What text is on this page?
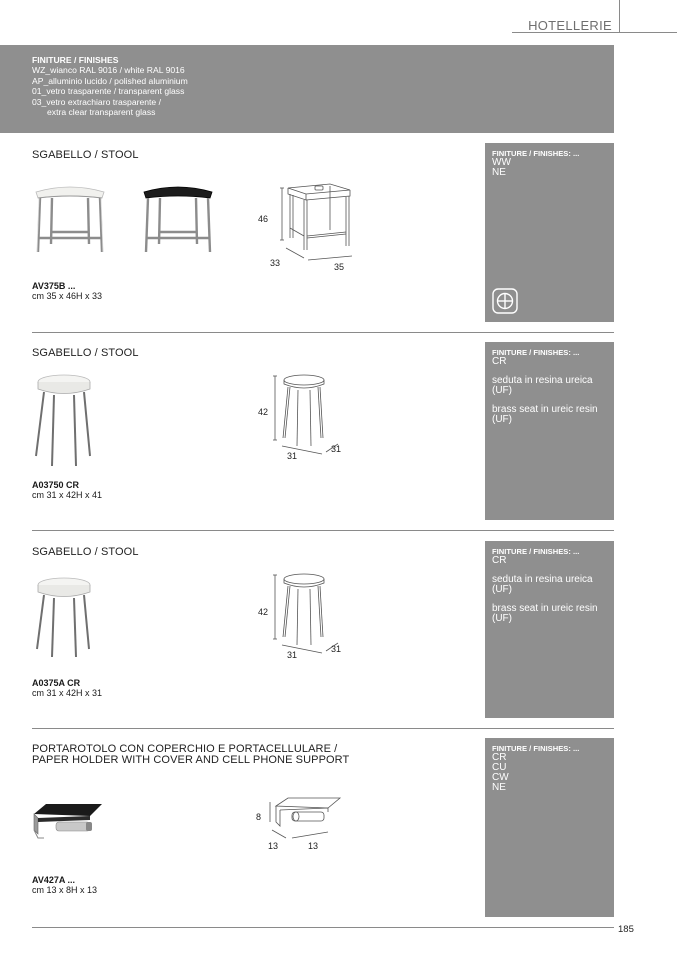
HOTELLERIE
FINITURE / FINISHES
WZ_wianco RAL 9016 / white RAL 9016
AP_alluminio lucido / polished aluminium
01_vetro trasparente / transparent glass
03_vetro extrachiaro trasparente /
extra clear transparent glass
SGABELLO / STOOL
46
33	35
AV375B ...
cm 35 x 46H x 33
FINITURE / FINISHES: ...
WW
NE
SGABELLO / STOOL
42
31
31
A03750 CR
cm 31 x 42H x 41
FINITURE / FINISHES: ...
CR
seduta in resina ureica (UF)
brass seat in ureic resin (UF)
SGABELLO / STOOL
42
31
31
A0375A CR
cm 31 x 42H x 31
FINITURE / FINISHES: ...
CR
seduta in resina ureica (UF)
brass seat in ureic resin (UF)
PORTAROTOLO CON COPERCHIO E PORTACELLULARE /
PAPER HOLDER WITH COVER AND CELL PHONE SUPPORT
8
13	13
AV427A ...
cm 13 x 8H x 13
FINITURE / FINISHES: ...
CR
CU
CW
NE
185
